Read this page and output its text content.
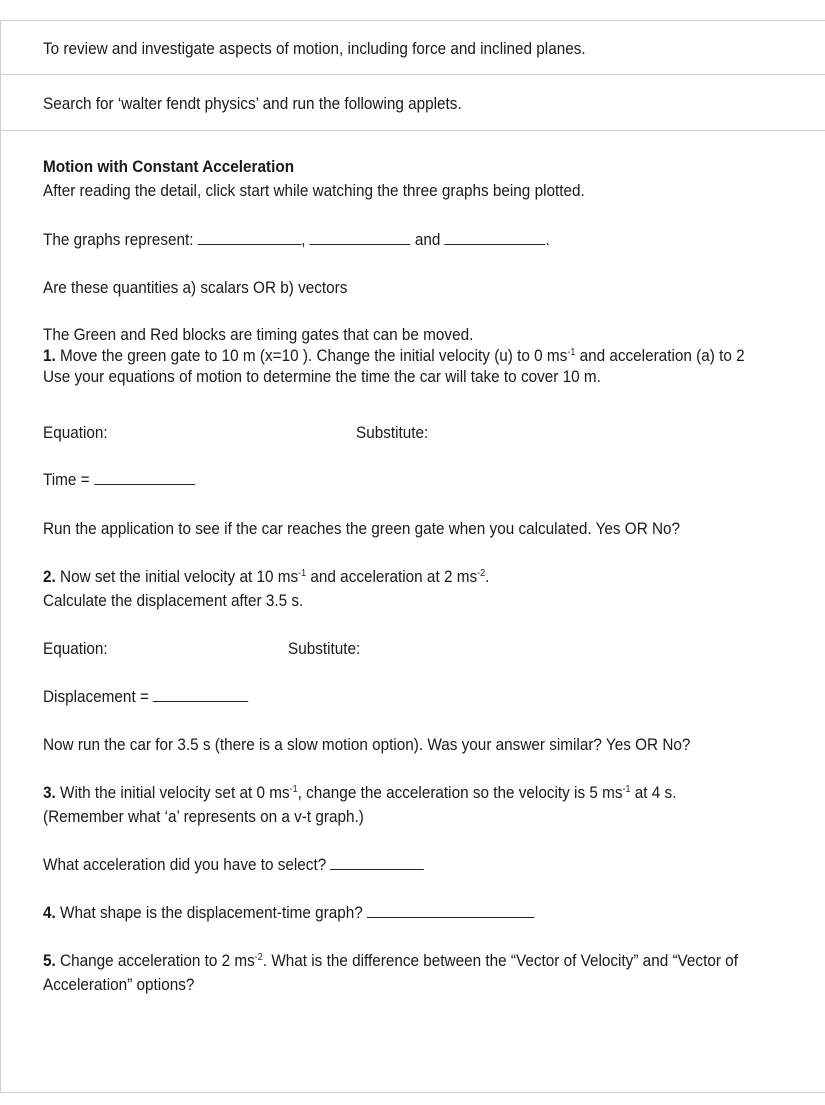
To review and investigate aspects of motion, including force and inclined planes.
Search for ‘walter fendt physics’ and run the following applets.
Motion with Constant Acceleration
After reading the detail, click start while watching the three graphs being plotted.
The graphs represent:	,	and	.
Are these quantities a) scalars OR b) vectors
The Green and Red blocks are timing gates that can be moved.
1. Move the green gate to 10 m (x=10 ). Change the initial velocity (u) to 0 $ms^{-1}$ and acceleration (a) to 2
Use your equations of motion to determine the time the car will take to cover 10 m.
Equation:	Substitute:
Time =
Run the application to see if the car reaches the green gate when you calculated. Yes OR No?
2. Now set the initial velocity at 10 $ms^{-1}$ and acceleration at 2 $ms^{-2}$.
Calculate the displacement after 3.5 s.
Equation:	Substitute:
Displacement =
Now run the car for 3.5 s (there is a slow motion option). Was your answer similar? Yes OR No?
3. With the initial velocity set at 0 $ms^{-1}$, change the acceleration so the velocity is 5 $ms^{-1}$ at 4 s.
(Remember what ‘a’ represents on a v-t graph.)
What acceleration did you have to select?
4. What shape is the displacement-time graph?
5. Change acceleration to 2 $ms^{-2}$. What is the difference between the “Vector of Velocity” and “Vector of
Acceleration” options?
